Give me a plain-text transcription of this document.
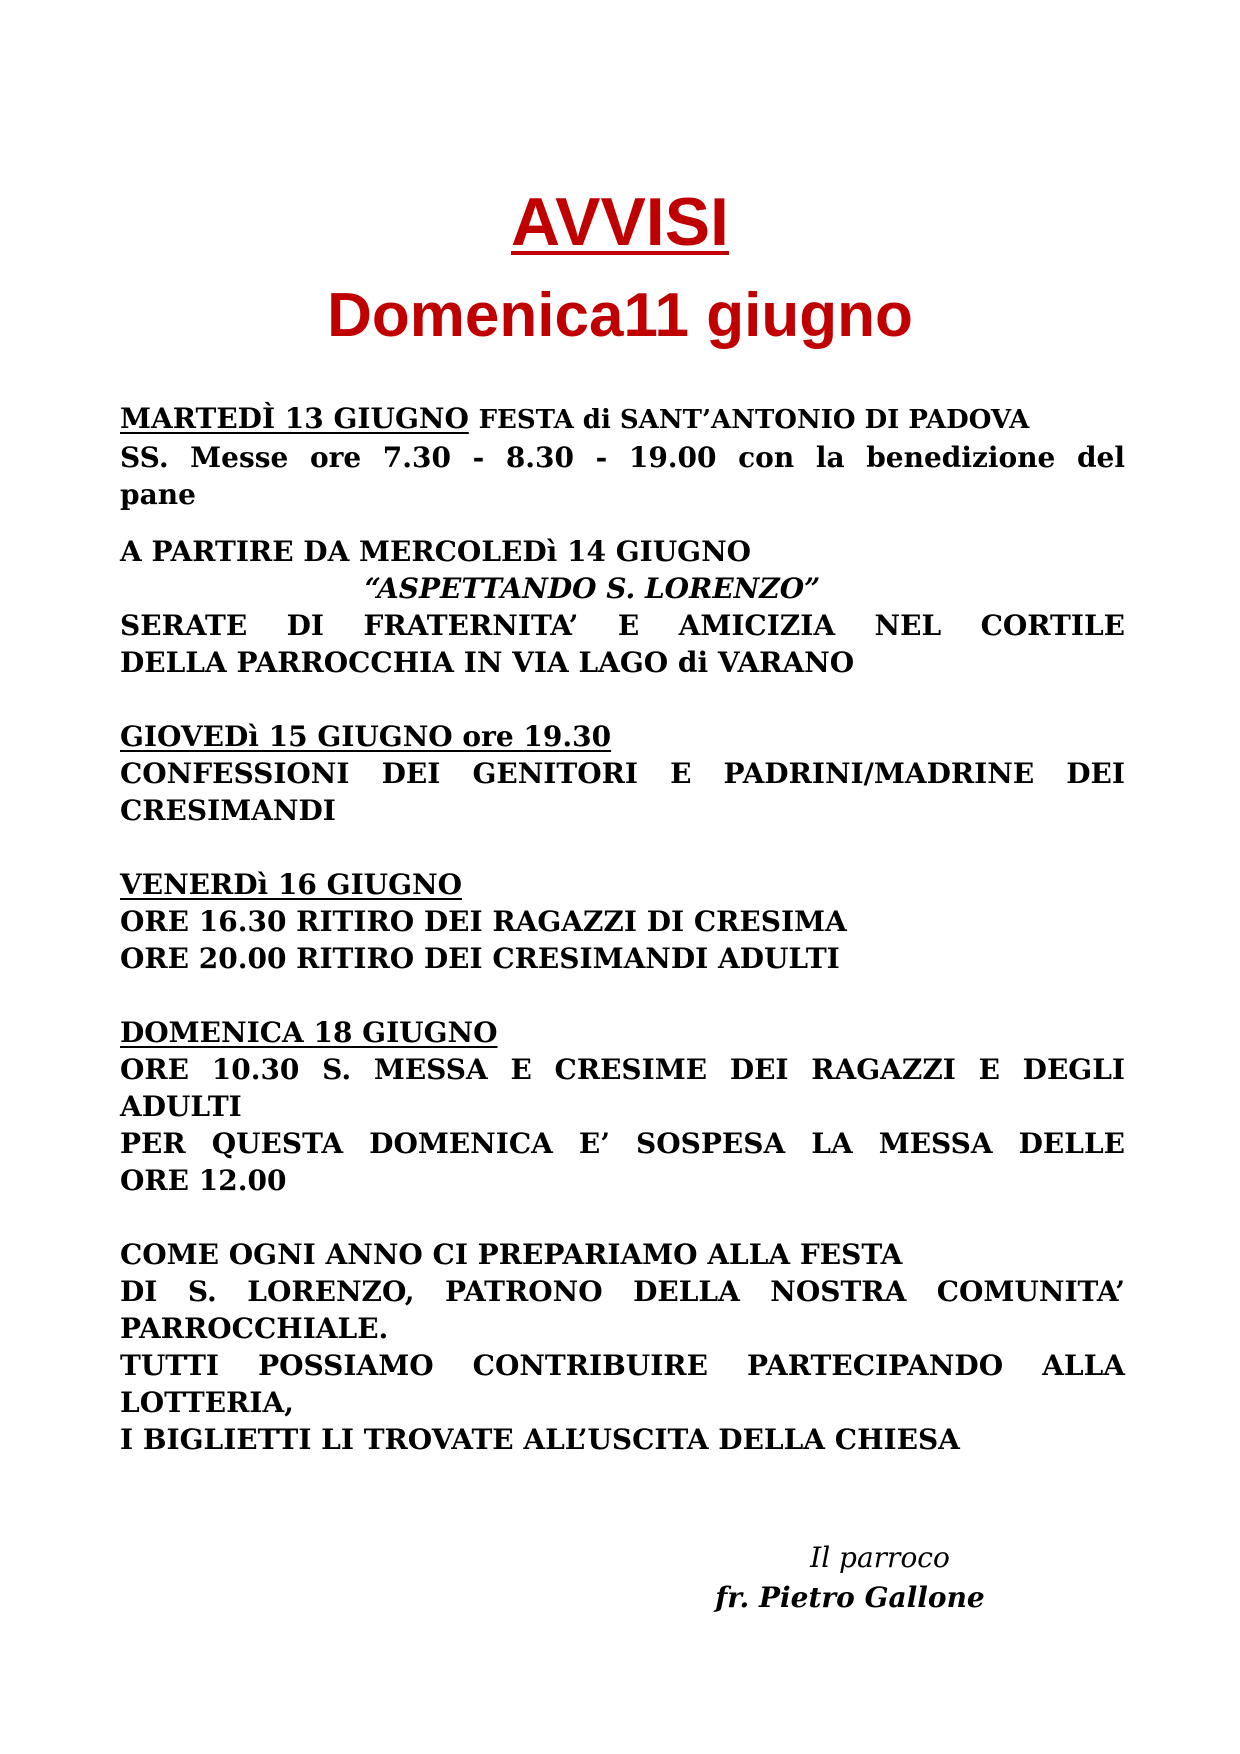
AVVISI
Domenica11 giugno
MARTEDÌ 13 GIUGNO FESTA di SANT’ANTONIO DI PADOVA
SS. Messe ore 7.30 - 8.30 - 19.00 con la benedizione del
pane
A PARTIRE DA MERCOLEDì 14 GIUGNO
“ASPETTANDO S. LORENZO”
SERATE DI FRATERNITA’ E AMICIZIA NEL CORTILE
DELLA PARROCCHIA IN VIA LAGO di VARANO
GIOVEDì 15 GIUGNO ore 19.30
CONFESSIONI DEI GENITORI E PADRINI/MADRINE DEI
CRESIMANDI
VENERDì 16 GIUGNO
ORE 16.30 RITIRO DEI RAGAZZI DI CRESIMA
ORE 20.00 RITIRO DEI CRESIMANDI ADULTI
DOMENICA 18 GIUGNO
ORE 10.30 S. MESSA E CRESIME DEI RAGAZZI E DEGLI
ADULTI
PER QUESTA DOMENICA E’ SOSPESA LA MESSA DELLE
ORE 12.00
COME OGNI ANNO CI PREPARIAMO ALLA FESTA
DI S. LORENZO, PATRONO DELLA NOSTRA COMUNITA’
PARROCCHIALE.
TUTTI POSSIAMO CONTRIBUIRE PARTECIPANDO ALLA
LOTTERIA,
I BIGLIETTI LI TROVATE ALL’USCITA DELLA CHIESA
Il parroco
fr. Pietro Gallone
